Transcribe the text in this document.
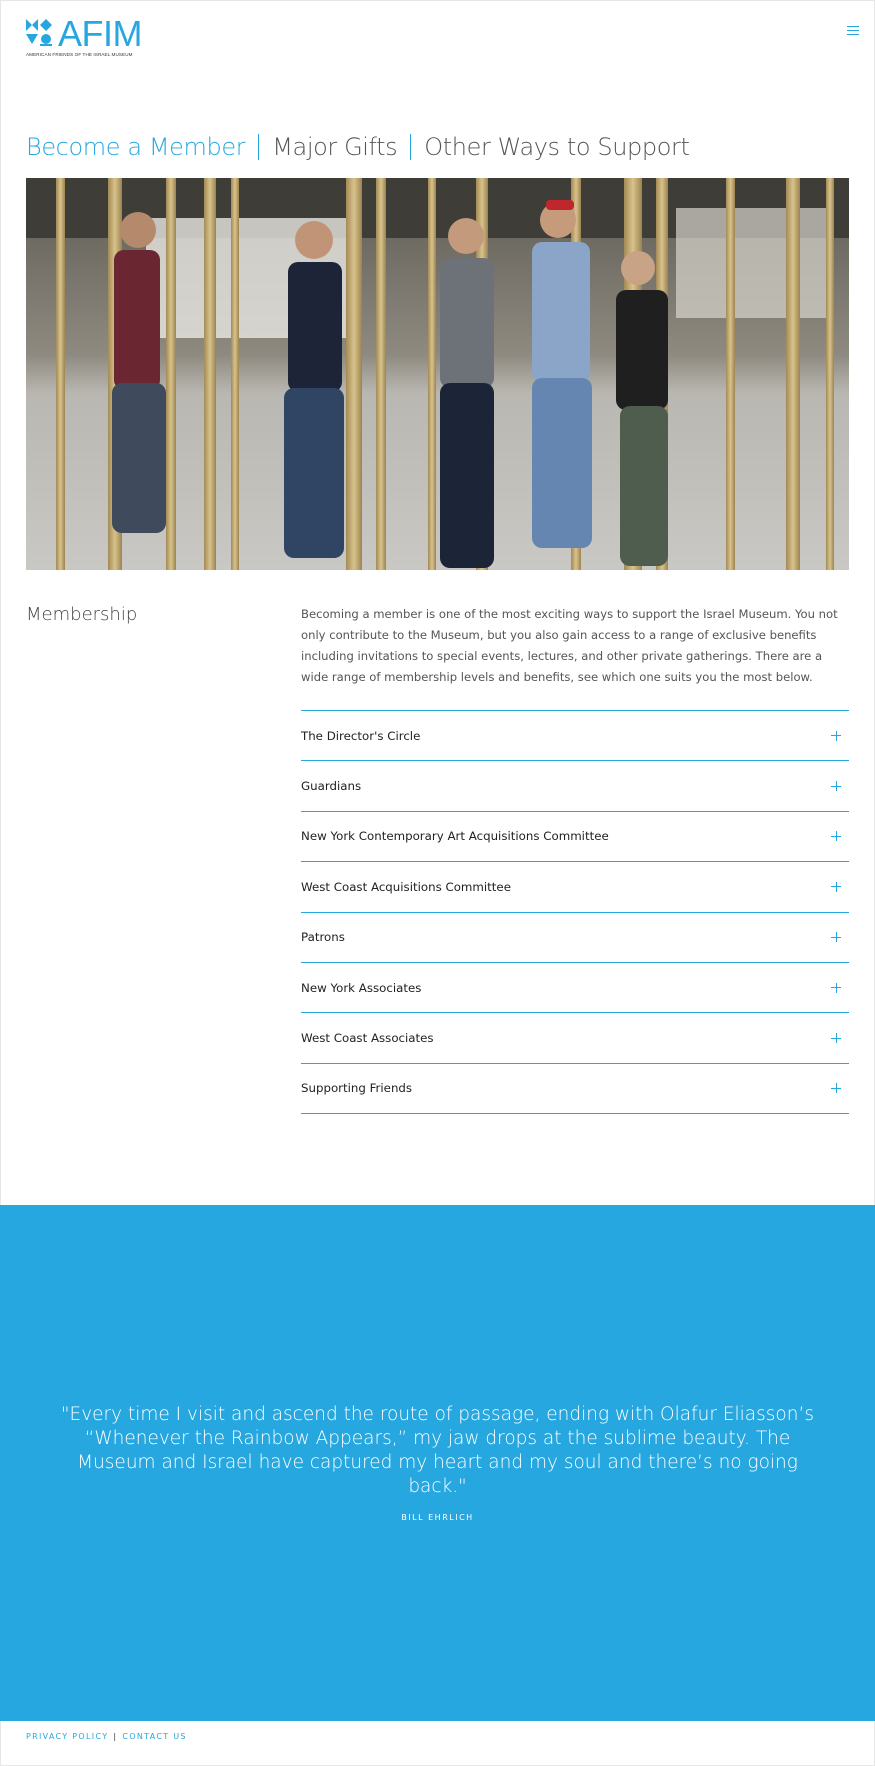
AFIM
AMERICAN FRIENDS OF THE ISRAEL MUSEUM
Become a Member Major Gifts Other Ways to Support
Membership	Becoming a member is one of the most exciting ways to support the Israel Museum. You not only contribute to the Museum, but you also gain access to a range of exclusive benefits including invitations to special events, lectures, and other private gatherings. There are a wide range of membership levels and benefits, see which one suits you the most below.

The Director's Circle
Guardians
New York Contemporary Art Acquisitions Committee
West Coast Acquisitions Committee
Patrons
New York Associates
West Coast Associates
Supporting Friends

"Every time I visit and ascend the route of passage, ending with Olafur Eliasson’s “Whenever the Rainbow Appears,” my jaw drops at the sublime beauty. The Museum and Israel have captured my heart and my soul and there’s no going back."

BILL EHRLICH
PRIVACY POLICY | CONTACT US
